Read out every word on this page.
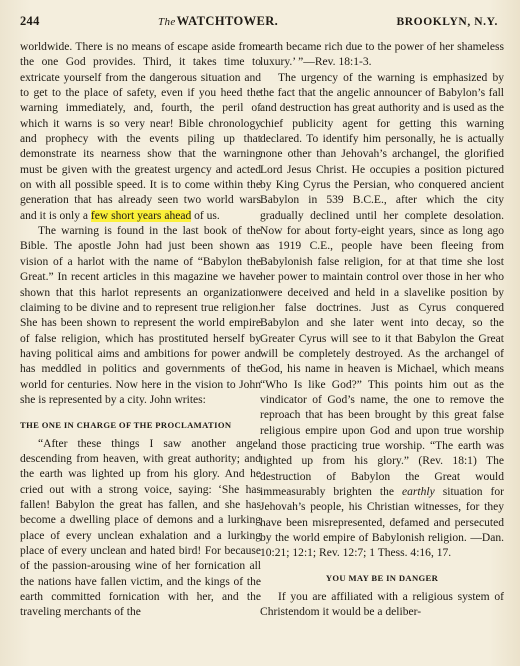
244	TheWATCHTOWER.	BROOKLYN, N.Y.

worldwide. There is no means of escape aside from the one God provides. Third, it takes time to extricate yourself from the dangerous situation and to get to the place of safety, even if you heed the warning immediately, and, fourth, the peril of which it warns is so very near! Bible chronology and prophecy with the events piling up that demonstrate its nearness show that the warning must be given with the greatest urgency and acted on with all possible speed. It is to come within the generation that has already seen two world wars and it is only a few short years ahead of us.

The warning is found in the last book of the Bible. The apostle John had just been shown a vision of a harlot with the name of “Babylon the Great.” In recent articles in this magazine we have shown that this harlot represents an organization claiming to be divine and to represent true religion. She has been shown to represent the world empire of false religion, which has prostituted herself by having political aims and ambitions for power and has meddled in politics and governments of the world for centuries. Now here in the vision to John she is represented by a city. John writes:

THE ONE IN CHARGE OF THE PROCLAMATION

“After these things I saw another angel descending from heaven, with great authority; and the earth was lighted up from his glory. And he cried out with a strong voice, saying: ‘She has fallen! Babylon the great has fallen, and she has become a dwelling place of demons and a lurking place of every unclean exhalation and a lurking place of every unclean and hated bird! For because of the passion-arousing wine of her fornication all the nations have fallen victim, and the kings of the earth committed fornication with her, and the traveling merchants of the

earth became rich due to the power of her shameless luxury.’ ”—Rev. 18:1-3.

The urgency of the warning is emphasized by the fact that the angelic announcer of Babylon’s fall and destruction has great authority and is used as the chief publicity agent for getting this warning declared. To identify him personally, he is actually none other than Jehovah’s archangel, the glorified Lord Jesus Christ. He occupies a position pictured by King Cyrus the Persian, who conquered ancient Babylon in 539 B.C.E., after which the city gradually declined until her complete desolation. Now for about forty-eight years, since as long ago as 1919 C.E., people have been fleeing from Babylonish false religion, for at that time she lost her power to maintain control over those in her who were deceived and held in a slavelike position by her false doctrines. Just as Cyrus conquered Babylon and she later went into decay, so the Greater Cyrus will see to it that Babylon the Great will be completely destroyed. As the archangel of God, his name in heaven is Michael, which means “Who Is like God?” This points him out as the vindicator of God’s name, the one to remove the reproach that has been brought by this great false religious empire upon God and upon true worship and those practicing true worship. “The earth was lighted up from his glory.” (Rev. 18:1) The destruction of Babylon the Great would immeasurably brighten the earthly situation for Jehovah’s people, his Christian witnesses, for they have been misrepresented, defamed and persecuted by the world empire of Babylonish religion. —Dan. 10:21; 12:1; Rev. 12:7; 1 Thess. 4:16, 17.

YOU MAY BE IN DANGER

If you are affiliated with a religious system of Christendom it would be a deliber-
